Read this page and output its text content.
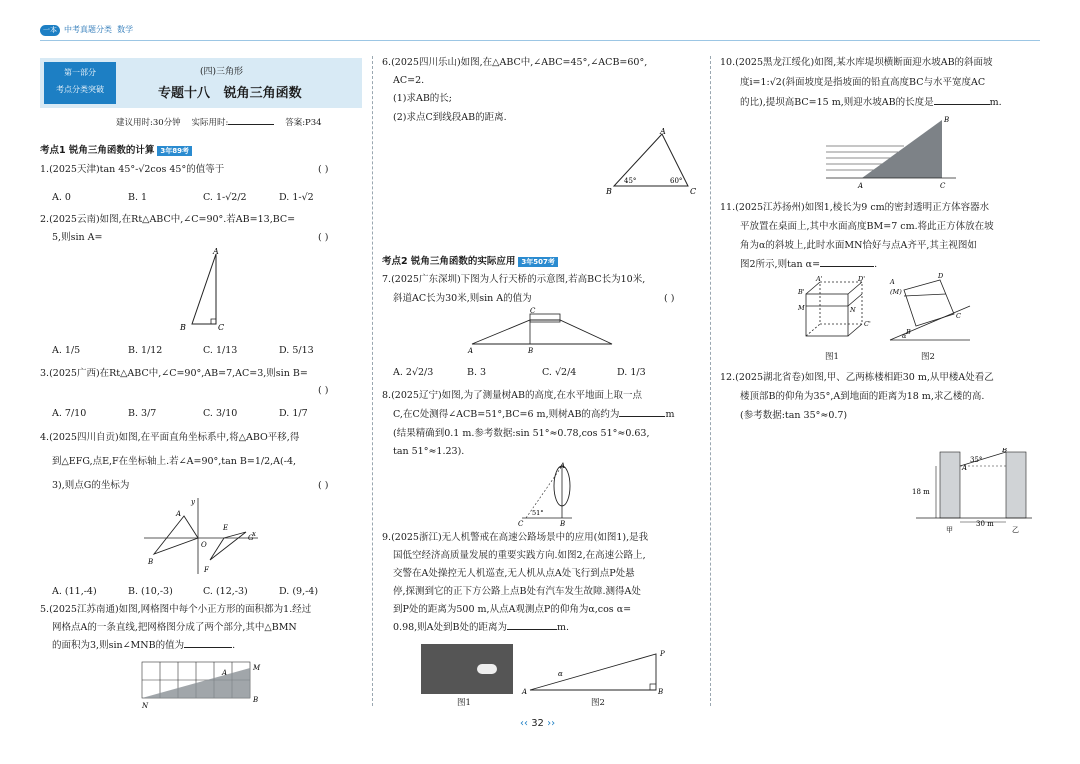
一本 中考真题分类 数学
第一部分
考点分类突破
(四)三角形
专题十八 锐角三角函数
建议用时:30分钟 实际用时:	答案:P34
考点1 锐角三角函数的计算 3年89考
1.(2025天津)tan 45°-√2cos 45°的值等于	( )
A. 0	B. 1	C. 1-√2/2	D. 1-√2
2.(2025云南)如图,在Rt△ABC中,∠C=90°.若AB=13,BC=
5,则sin A=	( )
A
B	C
A. 1/5	B. 1/12	C. 1/13	D. 5/13
3.(2025广西)在Rt△ABC中,∠C=90°,AB=7,AC=3,则sin B=
( )
A. 7/10	B. 3/7	C. 3/10	D. 1/7
4.(2025四川自贡)如图,在平面直角坐标系中,将△ABO平移,得
到△EFG,点E,F在坐标轴上.若∠A=90°,tan B=1/2,A(-4,
3),则点G的坐标为	( )
y
x
A
O
E
B
G
F
A. (11,-4)	B. (10,-3)	C. (12,-3)	D. (9,-4)
5.(2025江苏南通)如图,网格图中每个小正方形的面积都为1.经过
网格点A的一条直线,把网格图分成了两个部分,其中△BMN
的面积为3,则sin∠MNB的值为	.
M
A
N
B
6.(2025四川乐山)如图,在△ABC中,∠ABC=45°,∠ACB=60°,
AC=2.
(1)求AB的长;
(2)求点C到线段AB的距离.
A
B	C
45°	60°
考点2 锐角三角函数的实际应用 3年507考
7.(2025广东深圳)下图为人行天桥的示意图,若高BC长为10米,
斜道AC长为30米,则sin A的值为	( )
C
A	B
A. 2√2/3	B. 3	C. √2/4	D. 1/3
8.(2025辽宁)如图,为了测量树AB的高度,在水平地面上取一点
C,在C处测得∠ACB=51°,BC=6 m,则树AB的高约为	m
(结果精确到0.1 m.参考数据:sin 51°≈0.78,cos 51°≈0.63,
tan 51°≈1.23).
A
C	B
51°
9.(2025浙江)无人机警戒在高速公路场景中的应用(如图1),是我
国低空经济高质量发展的重要实践方向.如图2,在高速公路上,
交警在A处操控无人机巡查,无人机从点A处飞行到点P处悬
停,探测到它的正下方公路上点B处有汽车发生故障.测得A处
到P处的距离为500 m,从点A观测点P的仰角为α,cos α=
0.98,则A处到B处的距离为	m.
P
α
A	B
图1	图2
10.(2025黑龙江绥化)如图,某水库堤坝横断面迎水坡AB的斜面坡
度i=1:√2(斜面坡度是指坡面的铅直高度BC与水平宽度AC
的比),提坝高BC=15 m,则迎水坡AB的长度是	m.
B
A	C
11.(2025江苏扬州)如图1,棱长为9 cm的密封透明正方体容器水
平放置在桌面上,其中水面高度BM=7 cm.将此正方体放在坡
角为α的斜坡上,此时水面MN恰好与点A齐平,其主视图如
图2所示,则tan α=	.
A'	D'
B'
C'
M	N
A
(M)
D
B
C
α
图1	图2
12.(2025湖北省卷)如图,甲、乙两栋楼相距30 m,从甲楼A处看乙
楼顶部B的仰角为35°,A到地面的距离为18 m,求乙楼的高.
(参考数据:tan 35°≈0.7)
B
35°
A
18 m
30 m
甲	乙
‹‹ 32 ››
